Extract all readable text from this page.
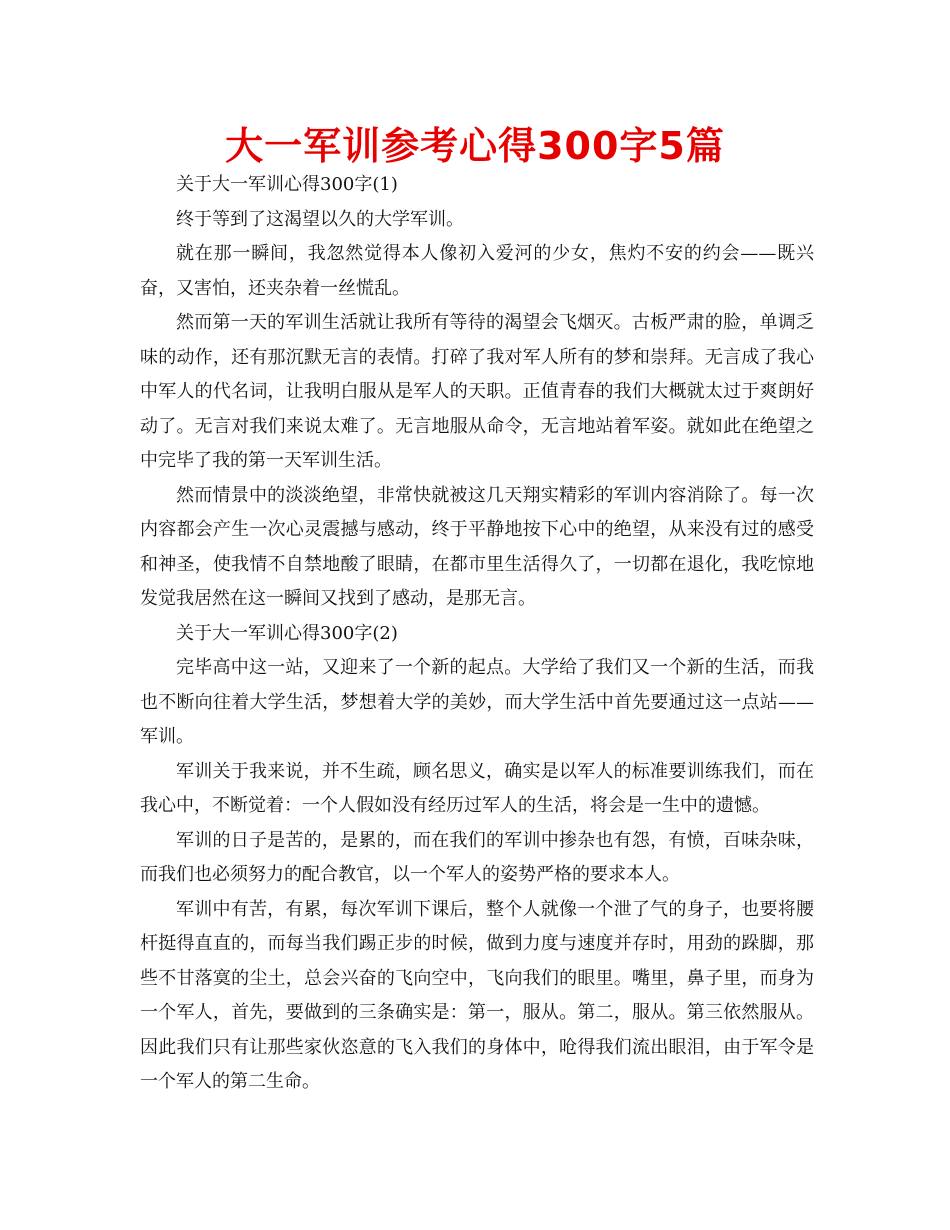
大一军训参考心得300字5篇

关于大一军训心得300字(1)

终于等到了这渴望以久的大学军训。

就在那一瞬间，我忽然觉得本人像初入爱河的少女，焦灼不安的约会——既兴奋，又害怕，还夹杂着一丝慌乱。

然而第一天的军训生活就让我所有等待的渴望会飞烟灭。古板严肃的脸，单调乏味的动作，还有那沉默无言的表情。打碎了我对军人所有的梦和崇拜。无言成了我心中军人的代名词，让我明白服从是军人的天职。正值青春的我们大概就太过于爽朗好动了。无言对我们来说太难了。无言地服从命令，无言地站着军姿。就如此在绝望之中完毕了我的第一天军训生活。

然而情景中的淡淡绝望，非常快就被这几天翔实精彩的军训内容消除了。每一次内容都会产生一次心灵震撼与感动，终于平静地按下心中的绝望，从来没有过的感受和神圣，使我情不自禁地酸了眼睛，在都市里生活得久了，一切都在退化，我吃惊地发觉我居然在这一瞬间又找到了感动，是那无言。

关于大一军训心得300字(2)

完毕高中这一站，又迎来了一个新的起点。大学给了我们又一个新的生活，而我也不断向往着大学生活，梦想着大学的美妙，而大学生活中首先要通过这一点站——军训。

军训关于我来说，并不生疏，顾名思义，确实是以军人的标准要训练我们，而在我心中，不断觉着：一个人假如没有经历过军人的生活，将会是一生中的遗憾。

军训的日子是苦的，是累的，而在我们的军训中掺杂也有怨，有愤，百味杂味，而我们也必须努力的配合教官，以一个军人的姿势严格的要求本人。

军训中有苦，有累，每次军训下课后，整个人就像一个泄了气的身子，也要将腰杆挺得直直的，而每当我们踢正步的时候，做到力度与速度并存时，用劲的跺脚，那些不甘落寞的尘土，总会兴奋的飞向空中，飞向我们的眼里。嘴里，鼻子里，而身为一个军人，首先，要做到的三条确实是：第一，服从。第二，服从。第三依然服从。因此我们只有让那些家伙恣意的飞入我们的身体中，呛得我们流出眼泪，由于军令是一个军人的第二生命。
